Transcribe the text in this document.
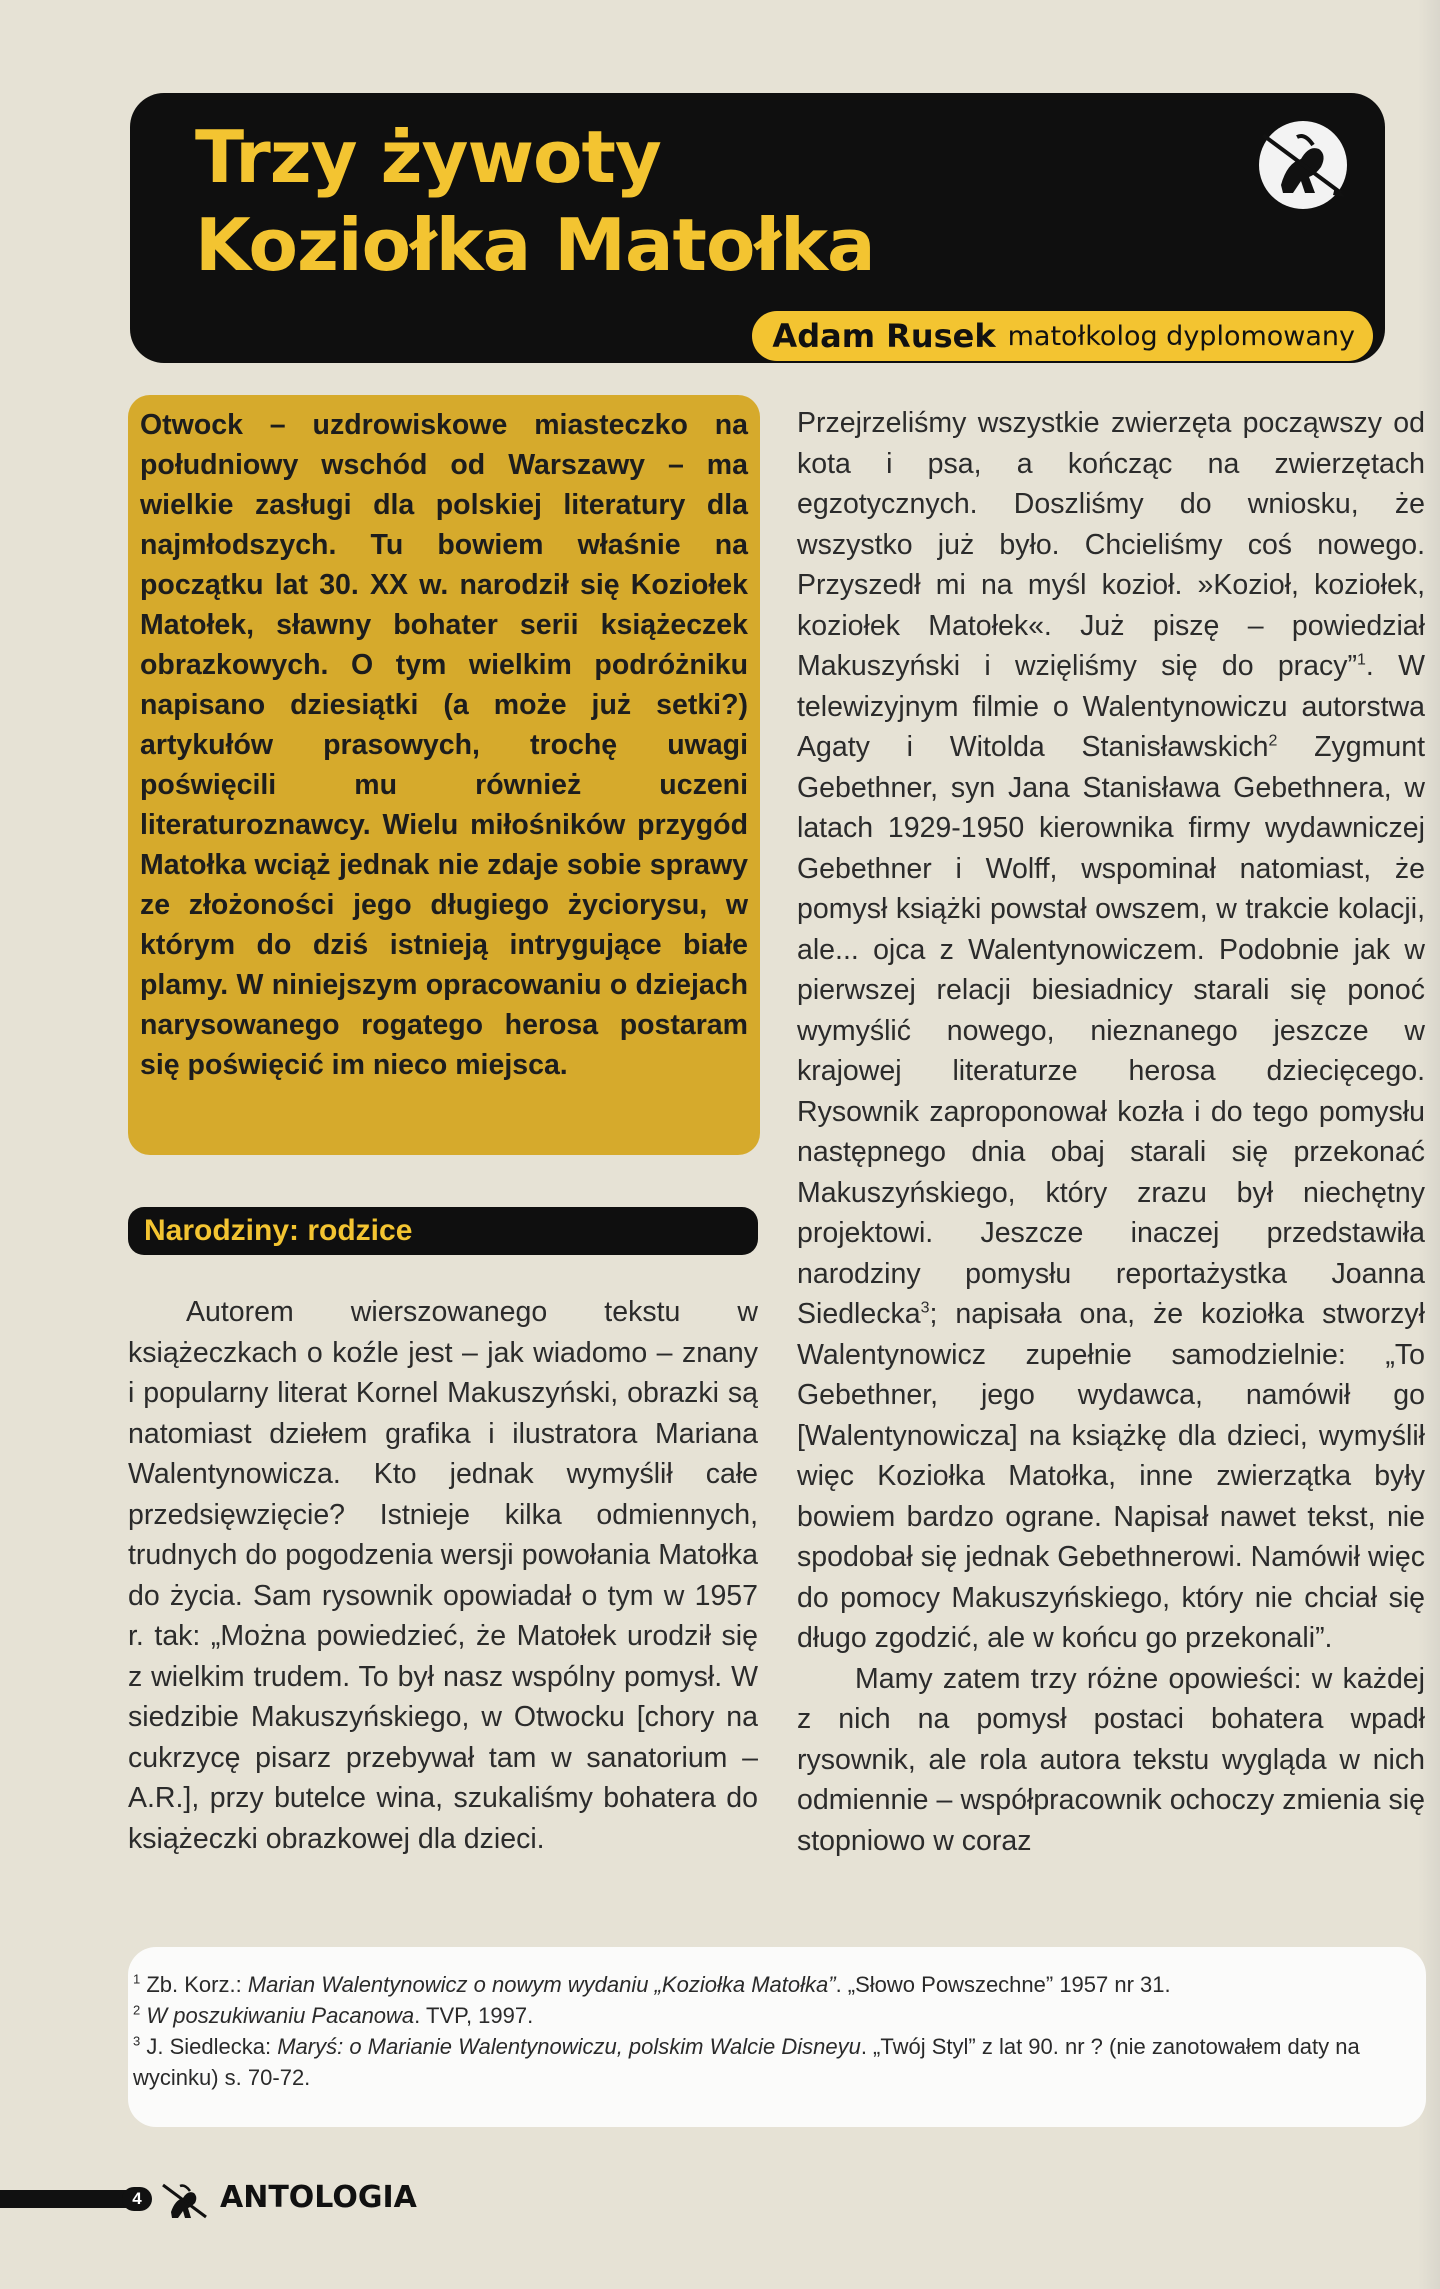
Trzy żywoty
Koziołka Matołka
Adam Rusek matołkolog dyplomowany

Otwock – uzdrowiskowe miasteczko na południowy wschód od Warszawy – ma wielkie zasługi dla polskiej literatury dla najmłodszych. Tu bowiem właśnie na początku lat 30. XX w. narodził się Koziołek Matołek, sławny bohater serii książeczek obrazkowych. O tym wielkim podróżniku napisano dziesiątki (a może już setki?) artykułów prasowych, trochę uwagi poświęcili mu również uczeni literaturoznawcy. Wielu miłośników przygód Matołka wciąż jednak nie zdaje sobie sprawy ze złożoności jego długiego życiorysu, w którym do dziś istnieją intrygujące białe plamy. W niniejszym opracowaniu o dziejach narysowanego rogatego herosa postaram się poświęcić im nieco miejsca.

Narodziny: rodzice

Autorem wierszowanego tekstu w książeczkach o koźle jest – jak wiadomo – znany i popularny literat Kornel Makuszyński, obrazki są natomiast dziełem grafika i ilustratora Mariana Walentynowicza. Kto jednak wymyślił całe przedsięwzięcie? Istnieje kilka odmiennych, trudnych do pogodzenia wersji powołania Matołka do życia. Sam rysownik opowiadał o tym w 1957 r. tak: „Można powiedzieć, że Matołek urodził się z wielkim trudem. To był nasz wspólny pomysł. W siedzibie Makuszyńskiego, w Otwocku [chory na cukrzycę pisarz przebywał tam w sanatorium – A.R.], przy butelce wina, szukaliśmy bohatera do książeczki obrazkowej dla dzieci.

Przejrzeliśmy wszystkie zwierzęta począwszy od kota i psa, a kończąc na zwierzętach egzotycznych. Doszliśmy do wniosku, że wszystko już było. Chcieliśmy coś nowego. Przyszedł mi na myśl kozioł. »Kozioł, koziołek, koziołek Matołek«. Już piszę – powiedział Makuszyński i wzięliśmy się do pracy”$^1$. W telewizyjnym filmie o Walentynowiczu autorstwa Agaty i Witolda Stanisławskich$^2$ Zygmunt Gebethner, syn Jana Stanisława Gebethnera, w latach 1929-1950 kierownika firmy wydawniczej Gebethner i Wolff, wspominał natomiast, że pomysł książki powstał owszem, w trakcie kolacji, ale... ojca z Walentynowiczem. Podobnie jak w pierwszej relacji biesiadnicy starali się ponoć wymyślić nowego, nieznanego jeszcze w krajowej literaturze herosa dziecięcego. Rysownik zaproponował kozła i do tego pomysłu następnego dnia obaj starali się przekonać Makuszyńskiego, który zrazu był niechętny projektowi. Jeszcze inaczej przedstawiła narodziny pomysłu reportażystka Joanna Siedlecka$^3$; napisała ona, że koziołka stworzył Walentynowicz zupełnie samodzielnie: „To Gebethner, jego wydawca, namówił go [Walentynowicza] na książkę dla dzieci, wymyślił więc Koziołka Matołka, inne zwierzątka były bowiem bardzo ograne. Napisał nawet tekst, nie spodobał się jednak Gebethnerowi. Namówił więc do pomocy Makuszyńskiego, który nie chciał się długo zgodzić, ale w końcu go przekonali”.

Mamy zatem trzy różne opowieści: w każdej z nich na pomysł postaci bohatera wpadł rysownik, ale rola autora tekstu wygląda w nich odmiennie – współpracownik ochoczy zmienia się stopniowo w coraz

$^1$ Zb. Korz.: Marian Walentynowicz o nowym wydaniu „Koziołka Matołka”. „Słowo Powszechne” 1957 nr 31.

$^2$ W poszukiwaniu Pacanowa. TVP, 1997.

$^3$ J. Siedlecka: Maryś: o Marianie Walentynowiczu, polskim Walcie Disneyu. „Twój Styl” z lat 90. nr ? (nie zanotowałem daty na wycinku) s. 70-72.

4	ANTOLOGIA
